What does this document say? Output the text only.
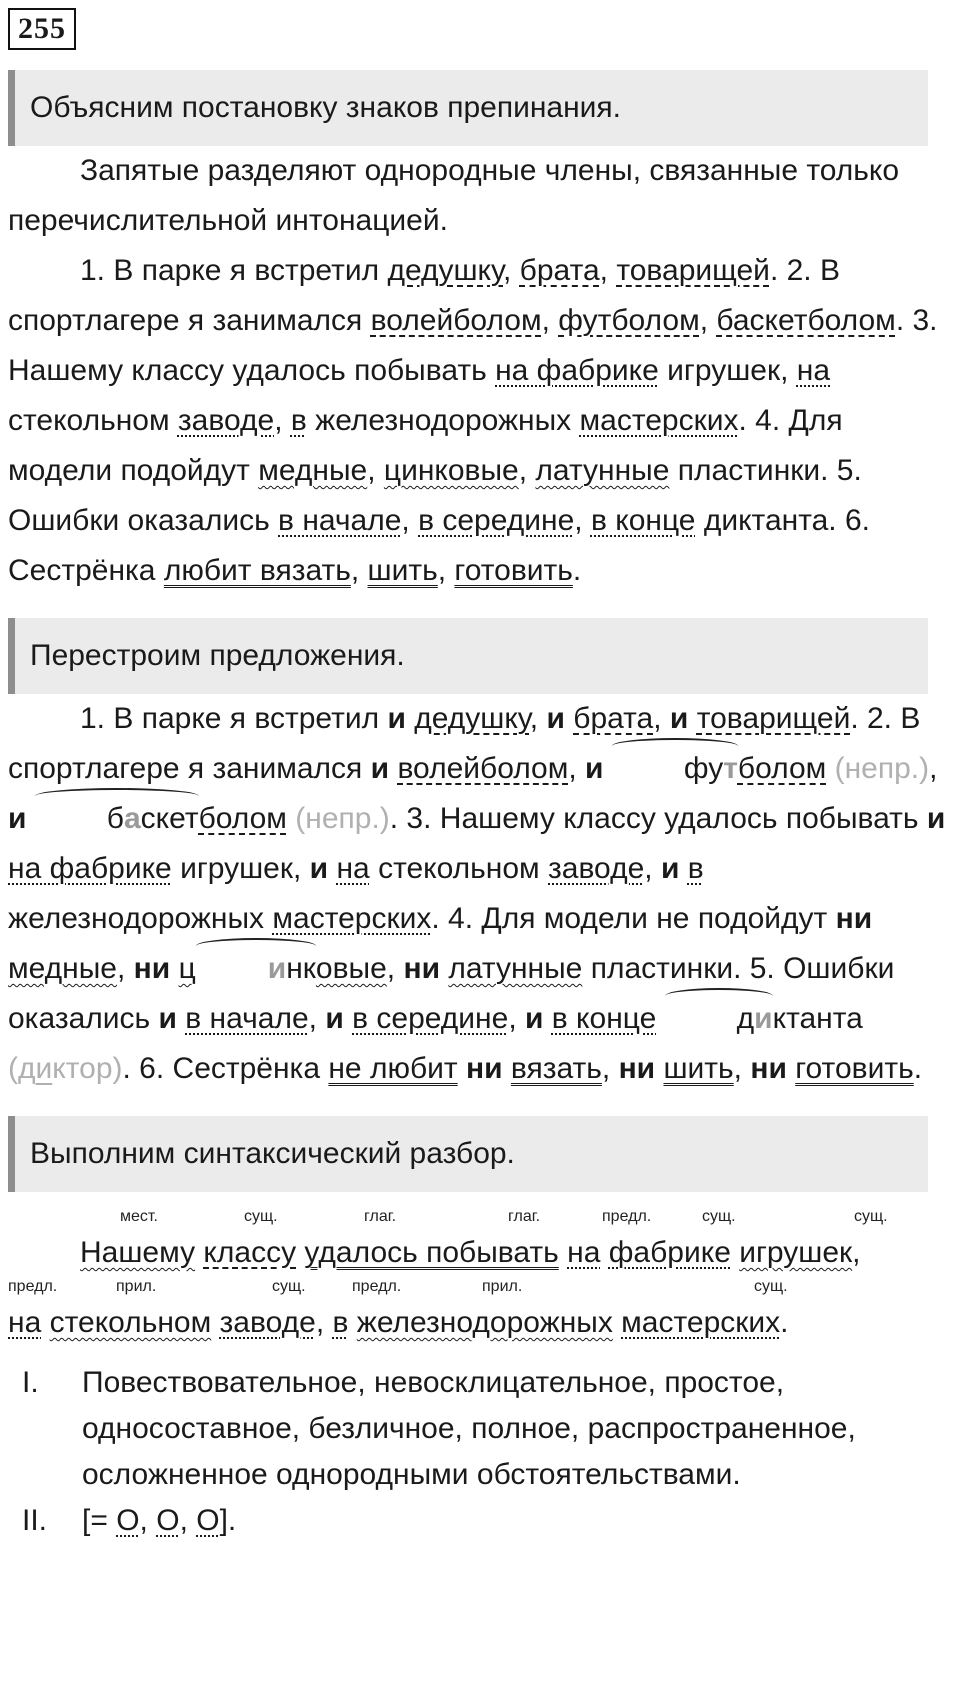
255
Объясним постановку знаков препинания.

Запятые разделяют однородные члены, связанные только перечислительной интонацией.

1. В парке я встретил дедушку, брата, товарищей. 2. В спортлагере я занимался волейболом, футболом, баскетболом. 3. Нашему классу удалось побывать на фабрике игрушек, на стекольном заводе, в железнодорожных мастерских. 4. Для модели подойдут медные, цинковые, латунные пластинки. 5. Ошибки оказались в начале, в середине, в конце диктанта. 6. Сестрёнка любит вязать, шить, готовить.

Перестроим предложения.

1. В парке я встретил и дедушку, и брата, и товарищей. 2. В спортлагере я занимался и волейболом, и	футболом (непр.), и	баскетболом (непр.). 3. Нашему классу удалось побывать и на фабрике игрушек, и на стекольном заводе, и в железнодорожных мастерских. 4. Для модели не подойдут ни медные, ни ц инковые, ни латунные пластинки. 5. Ошибки оказались и в начале, и в середине, и в конце	диктанта (диктор). 6. Сестрёнка не любит ни вязать, ни шить, ни готовить.

Выполним синтаксический разбор.
мест.	сущ.	глаг.	глаг.	предл.	сущ.	сущ.

Нашему классу удалось побывать на фабрике игрушек,

предл.	прил.	сущ.	предл.	прил.	сущ.

на стекольном заводе, в железнодорожных мастерских.

I.	Повествовательное, невосклицательное, простое, односоставное, безличное, полное, распространенное, осложненное однородными обстоятельствами.
II.	[= О, О, О].
